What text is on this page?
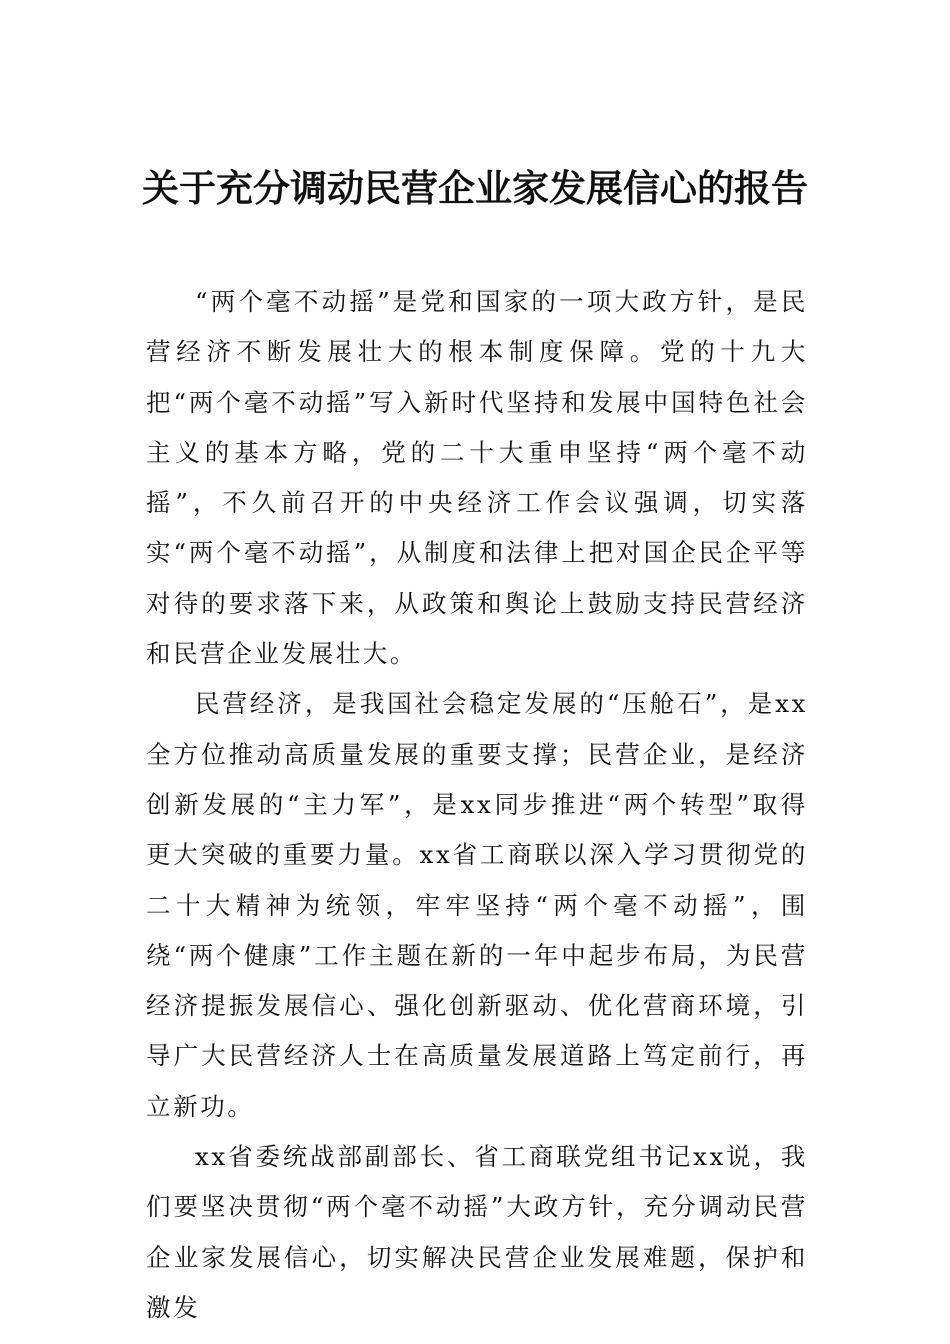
关于充分调动民营企业家发展信心的报告

“两个毫不动摇”是党和国家的一项大政方针，是民营经济不断发展壮大的根本制度保障。党的十九大把“两个毫不动摇”写入新时代坚持和发展中国特色社会主义的基本方略，党的二十大重申坚持“两个毫不动摇”，不久前召开的中央经济工作会议强调，切实落实“两个毫不动摇”，从制度和法律上把对国企民企平等对待的要求落下来，从政策和舆论上鼓励支持民营经济和民营企业发展壮大。

民营经济，是我国社会稳定发展的“压舱石”，是xx全方位推动高质量发展的重要支撑；民营企业，是经济创新发展的“主力军”，是xx同步推进“两个转型”取得更大突破的重要力量。xx省工商联以深入学习贯彻党的二十大精神为统领，牢牢坚持“两个毫不动摇”，围绕“两个健康”工作主题在新的一年中起步布局，为民营经济提振发展信心、强化创新驱动、优化营商环境，引导广大民营经济人士在高质量发展道路上笃定前行，再立新功。

xx省委统战部副部长、省工商联党组书记xx说，我们要坚决贯彻“两个毫不动摇”大政方针，充分调动民营企业家发展信心，切实解决民营企业发展难题，保护和激发
